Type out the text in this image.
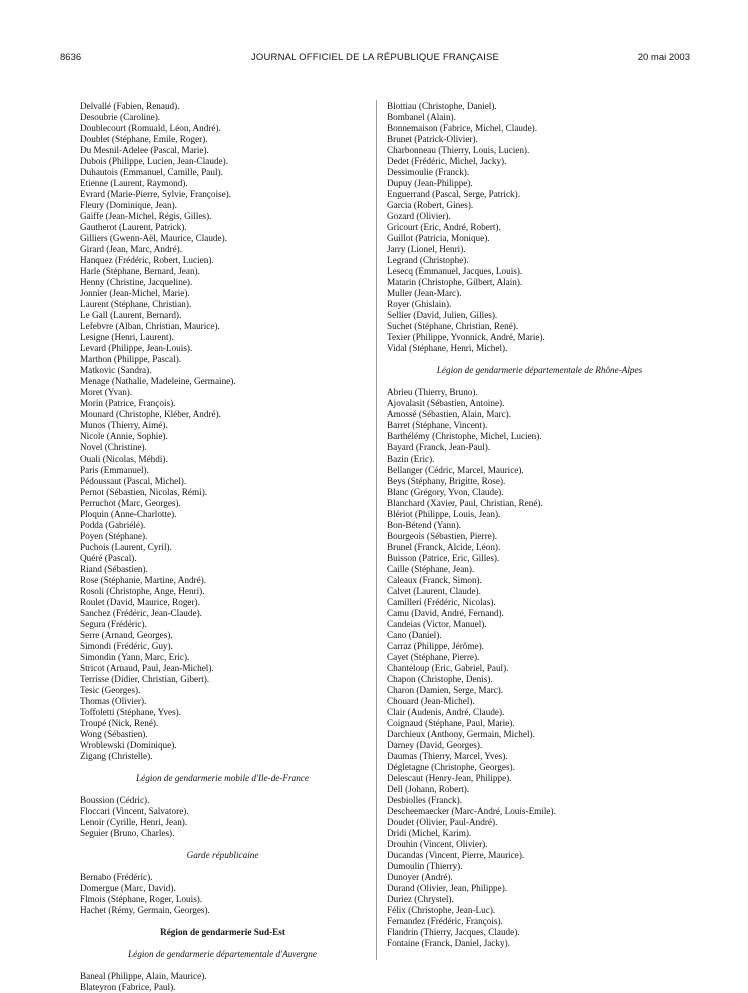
8636	JOURNAL OFFICIEL DE LA RÉPUBLIQUE FRANÇAISE	20 mai 2003
Delvallé (Fabien, Renaud).
Desoubrie (Caroline).
Doublecourt (Romuald, Léon, André).
Doublet (Stéphane, Emile, Roger).
Du Mesnil-Adelee (Pascal, Marie).
Dubois (Philippe, Lucien, Jean-Claude).
Duhautois (Emmanuel, Camille, Paul).
Etienne (Laurent, Raymond).
Evrard (Marie-Pierre, Sylvie, Françoise).
Fleury (Dominique, Jean).
Gaiffe (Jean-Michel, Régis, Gilles).
Gautherot (Laurent, Patrick).
Gilliers (Gwenn-Aël, Maurice, Claude).
Girard (Jean, Marc, André).
Hanquez (Frédéric, Robert, Lucien).
Harle (Stéphane, Bernard, Jean).
Henny (Christine, Jacqueline).
Jonnier (Jean-Michel, Marie).
Laurent (Stéphane, Christian).
Le Gall (Laurent, Bernard).
Lefebvre (Alban, Christian, Maurice).
Lesigne (Henri, Laurent).
Levard (Philippe, Jean-Louis).
Marthon (Philippe, Pascal).
Matkovic (Sandra).
Menage (Nathalie, Madeleine, Germaine).
Moret (Yvan).
Morin (Patrice, François).
Mounard (Christophe, Kléber, André).
Munos (Thierry, Aimé).
Nicole (Annie, Sophie).
Novel (Christine).
Ouali (Nicolas, Méhdi).
Paris (Emmanuel).
Pédoussaut (Pascal, Michel).
Pernot (Sébastien, Nicolas, Rémi).
Perruchot (Marc, Georges).
Ploquin (Anne-Charlotte).
Podda (Gabriélé).
Poyen (Stéphane).
Puchois (Laurent, Cyril).
Quéré (Pascal).
Riand (Sébastien).
Rose (Stéphanie, Martine, André).
Rosoli (Christophe, Ange, Henri).
Roulet (David, Maurice, Roger).
Sanchez (Frédéric, Jean-Claude).
Segura (Frédéric).
Serre (Arnaud, Georges).
Simondi (Frédéric, Guy).
Simondin (Yann, Marc, Eric).
Stricot (Arnaud, Paul, Jean-Michel).
Terrisse (Didier, Christian, Gibert).
Tesic (Georges).
Thomas (Olivier).
Toffoletti (Stéphane, Yves).
Troupé (Nick, René).
Wong (Sébastien).
Wroblewski (Dominique).
Zigang (Christelle).
Légion de gendarmerie mobile d'Ile-de-France
Boussion (Cédric).
Floccari (Vincent, Salvatore).
Lenoir (Cyrille, Henri, Jean).
Seguier (Bruno, Charles).
Garde républicaine
Bernabo (Frédéric).
Domergue (Marc, David).
Flmois (Stéphane, Roger, Louis).
Hachet (Rémy, Germain, Georges).
Région de gendarmerie Sud-Est
Légion de gendarmerie départementale d'Auvergne
Baneal (Philippe, Alain, Maurice).
Blateyron (Fabrice, Paul).
Blottiau (Christophe, Daniel).
Bombanel (Alain).
Bonnemaison (Fabrice, Michel, Claude).
Brunet (Patrick-Olivier).
Charbonneau (Thierry, Louis, Lucien).
Dedet (Frédéric, Michel, Jacky).
Dessimoulie (Franck).
Dupuy (Jean-Philippe).
Enguerrand (Pascal, Serge, Patrick).
Garcia (Robert, Gines).
Gozard (Olivier).
Gricourt (Eric, André, Robert).
Guillot (Patricia, Monique).
Jarry (Lionel, Henri).
Legrand (Christophe).
Lesecq (Emmanuel, Jacques, Louis).
Matarin (Christophe, Gilbert, Alain).
Muller (Jean-Marc).
Royer (Ghislain).
Sellier (David, Julien, Gilles).
Suchet (Stéphane, Christian, René).
Texier (Philippe, Yvonnick, André, Marie).
Vidal (Stéphane, Henri, Michel).
Légion de gendarmerie départementale de Rhône-Alpes
Abrieu (Thierry, Bruno).
Ajovalasit (Sébastien, Antoine).
Amossé (Sébastien, Alain, Marc).
Barret (Stéphane, Vincent).
Barthélémy (Christophe, Michel, Lucien).
Bayard (Franck, Jean-Paul).
Bazin (Eric).
Bellanger (Cédric, Marcel, Maurice).
Beys (Stéphany, Brigitte, Rose).
Blanc (Grégory, Yvon, Claude).
Blanchard (Xavier, Paul, Christian, René).
Blériot (Philippe, Louis, Jean).
Bon-Bétend (Yann).
Bourgeois (Sébastien, Pierre).
Brunel (Franck, Alcide, Léon).
Buisson (Patrice, Eric, Gilles).
Caille (Stéphane, Jean).
Caleaux (Franck, Simon).
Calvet (Laurent, Claude).
Camilleri (Frédéric, Nicolas).
Camu (David, André, Fernand).
Candeias (Victor, Manuel).
Cano (Daniel).
Carraz (Philippe, Jérôme).
Cayet (Stéphane, Pierre).
Chanteloup (Eric, Gabriel, Paul).
Chapon (Christophe, Denis).
Charon (Damien, Serge, Marc).
Chouard (Jean-Michel).
Clair (Audenis, André, Claude).
Coignaud (Stéphane, Paul, Marie).
Darchieux (Anthony, Germain, Michel).
Darney (David, Georges).
Daumas (Thierry, Marcel, Yves).
Dégletagne (Christophe, Georges).
Delescaut (Henry-Jean, Philippe).
Dell (Johann, Robert).
Desbiolles (Franck).
Descheemaecker (Marc-André, Louis-Emile).
Doudet (Olivier, Paul-André).
Dridi (Michel, Karim).
Drouhin (Vincent, Olivier).
Ducandas (Vincent, Pierre, Maurice).
Dumoulin (Thierry).
Dunoyer (André).
Durand (Olivier, Jean, Philippe).
Duriez (Chrystel).
Félix (Christophe, Jean-Luc).
Fernandez (Frédéric, François).
Flandrin (Thierry, Jacques, Claude).
Fontaine (Franck, Daniel, Jacky).
